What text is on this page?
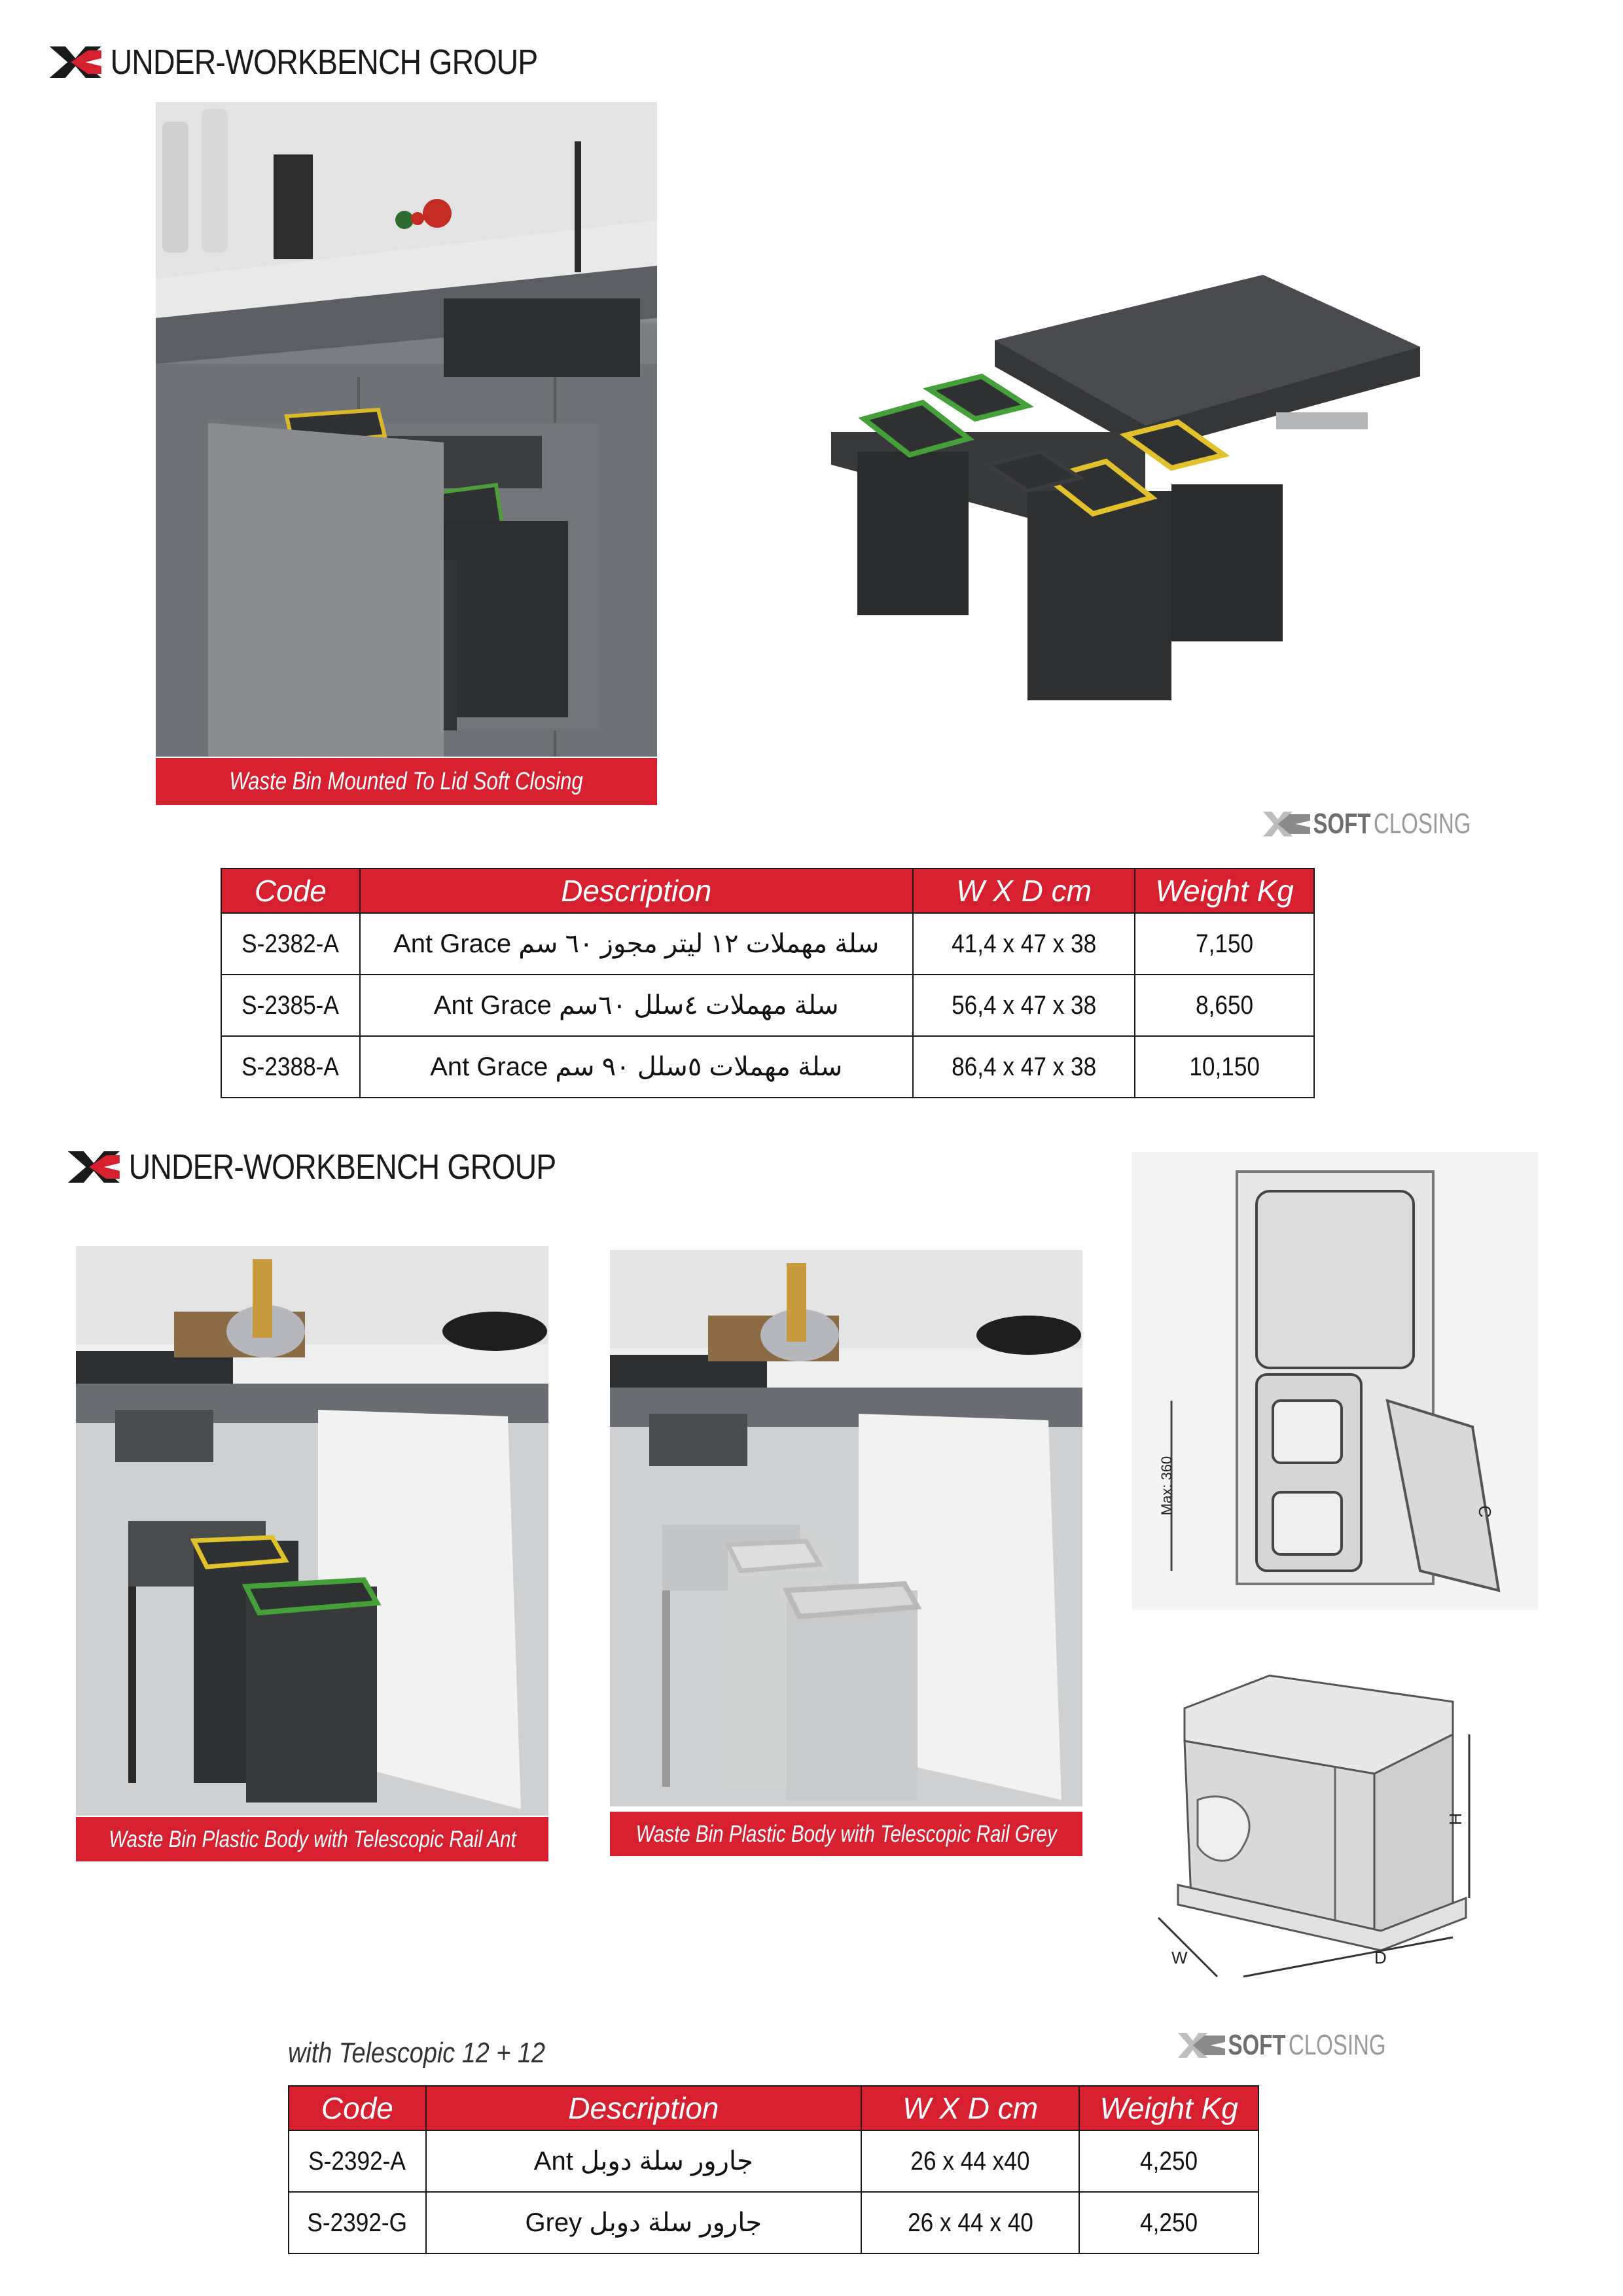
UNDER-WORKBENCH GROUP
Waste Bin Mounted To Lid Soft Closing
SOFT CLOSING
Code	Description	W X D cm	Weight Kg
S-2382-A	سلة مهملات ١٢ ليتر مجوز ٦٠ سم Ant Grace	41,4 x 47 x 38	7,150
S-2385-A	سلة مهملات ٤سلل ٦٠سم Ant Grace	56,4 x 47 x 38	8,650
S-2388-A	سلة مهملات ٥سلل ٩٠ سم Ant Grace	86,4 x 47 x 38	10,150
UNDER-WORKBENCH GROUP
Waste Bin Plastic Body with Telescopic Rail Ant	Waste Bin Plastic Body with Telescopic Rail Grey
Max: 360	C
W	D
H
SOFT CLOSING
with Telescopic 12 + 12
Code	Description	W X D cm	Weight Kg
S-2392-A	جارور سلة دوبل Ant	26 x 44 x40	4,250
S-2392-G	جارور سلة دوبل Grey	26 x 44 x 40	4,250
